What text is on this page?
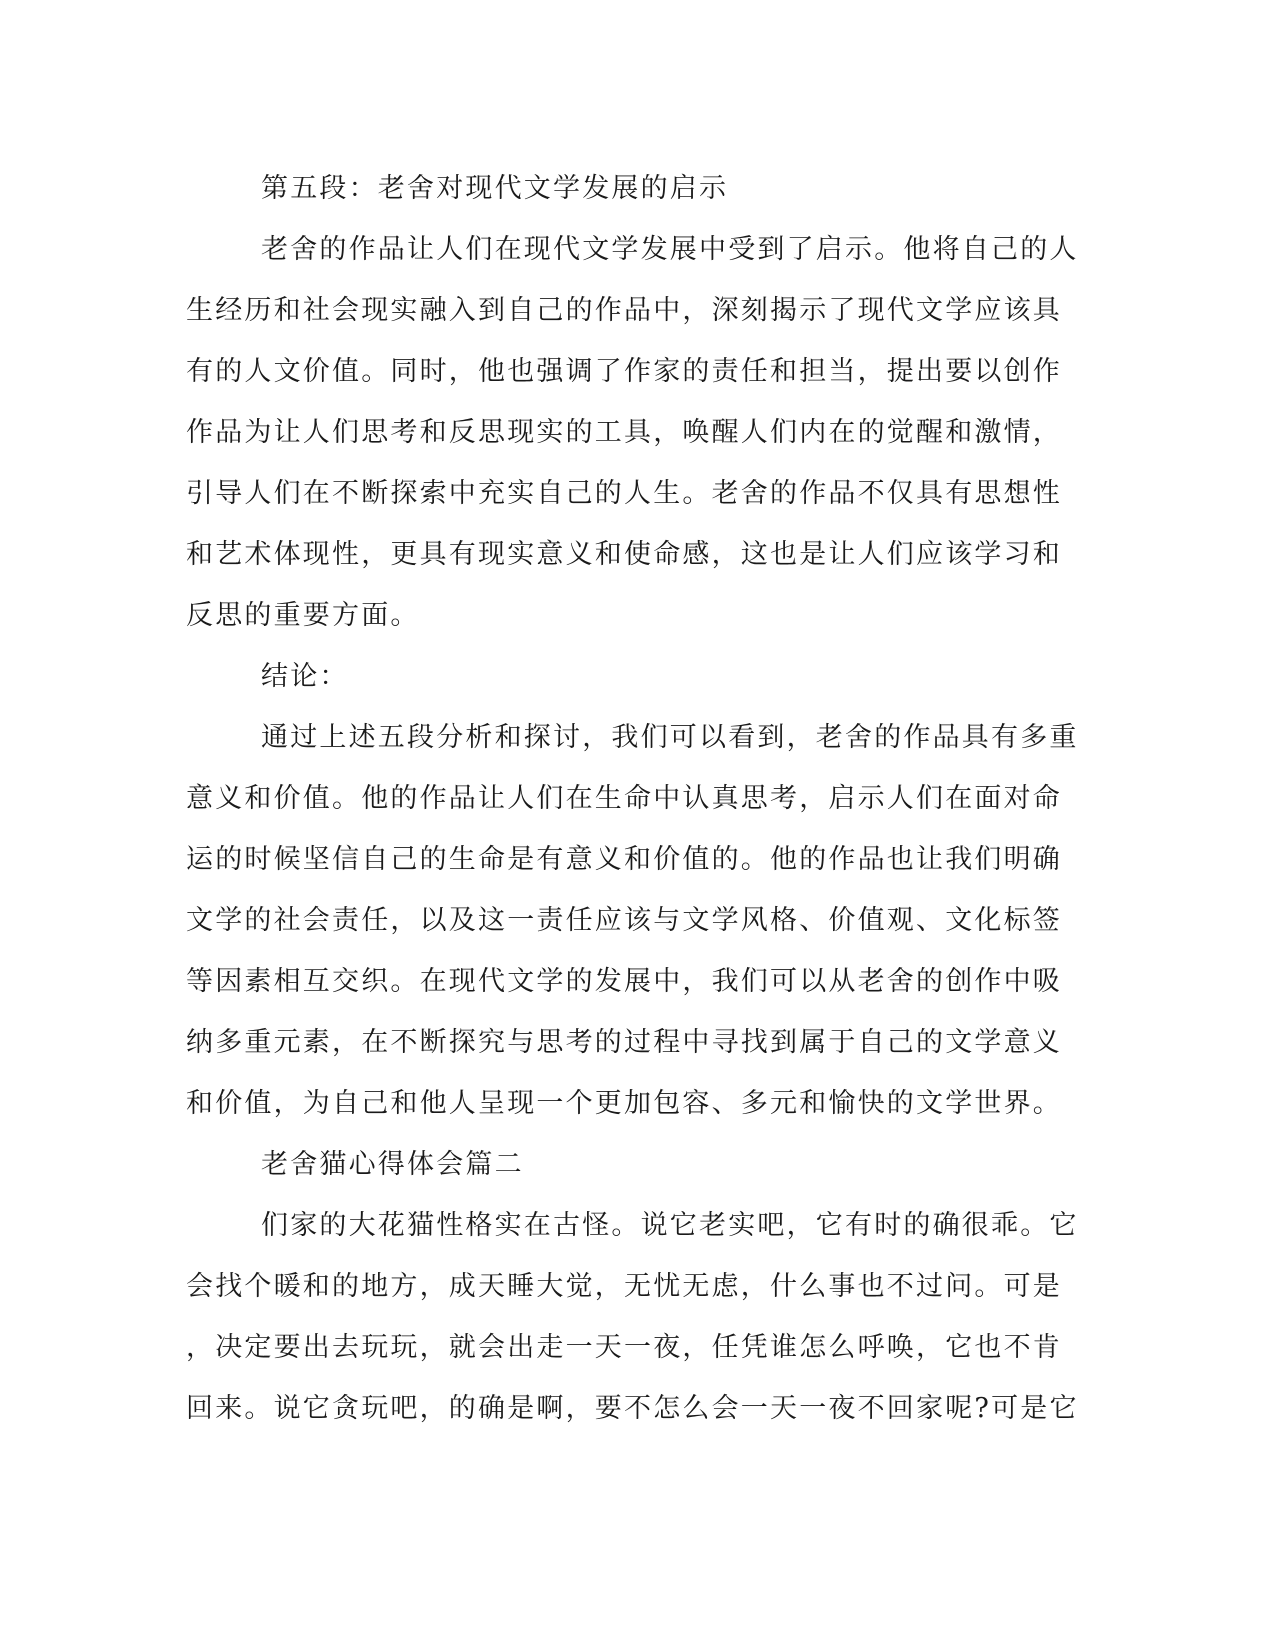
第五段：老舍对现代文学发展的启示
老舍的作品让人们在现代文学发展中受到了启示。他将自己的人
生经历和社会现实融入到自己的作品中，深刻揭示了现代文学应该具
有的人文价值。同时，他也强调了作家的责任和担当，提出要以创作
作品为让人们思考和反思现实的工具，唤醒人们内在的觉醒和激情，
引导人们在不断探索中充实自己的人生。老舍的作品不仅具有思想性
和艺术体现性，更具有现实意义和使命感，这也是让人们应该学习和
反思的重要方面。
结论：
通过上述五段分析和探讨，我们可以看到，老舍的作品具有多重
意义和价值。他的作品让人们在生命中认真思考，启示人们在面对命
运的时候坚信自己的生命是有意义和价值的。他的作品也让我们明确
文学的社会责任，以及这一责任应该与文学风格、价值观、文化标签
等因素相互交织。在现代文学的发展中，我们可以从老舍的创作中吸
纳多重元素，在不断探究与思考的过程中寻找到属于自己的文学意义
和价值，为自己和他人呈现一个更加包容、多元和愉快的文学世界。
老舍猫心得体会篇二
们家的大花猫性格实在古怪。说它老实吧，它有时的确很乖。它
会找个暖和的地方，成天睡大觉，无忧无虑，什么事也不过问。可是
，决定要出去玩玩，就会出走一天一夜，任凭谁怎么呼唤，它也不肯
回来。说它贪玩吧，的确是啊，要不怎么会一天一夜不回家呢?可是它
